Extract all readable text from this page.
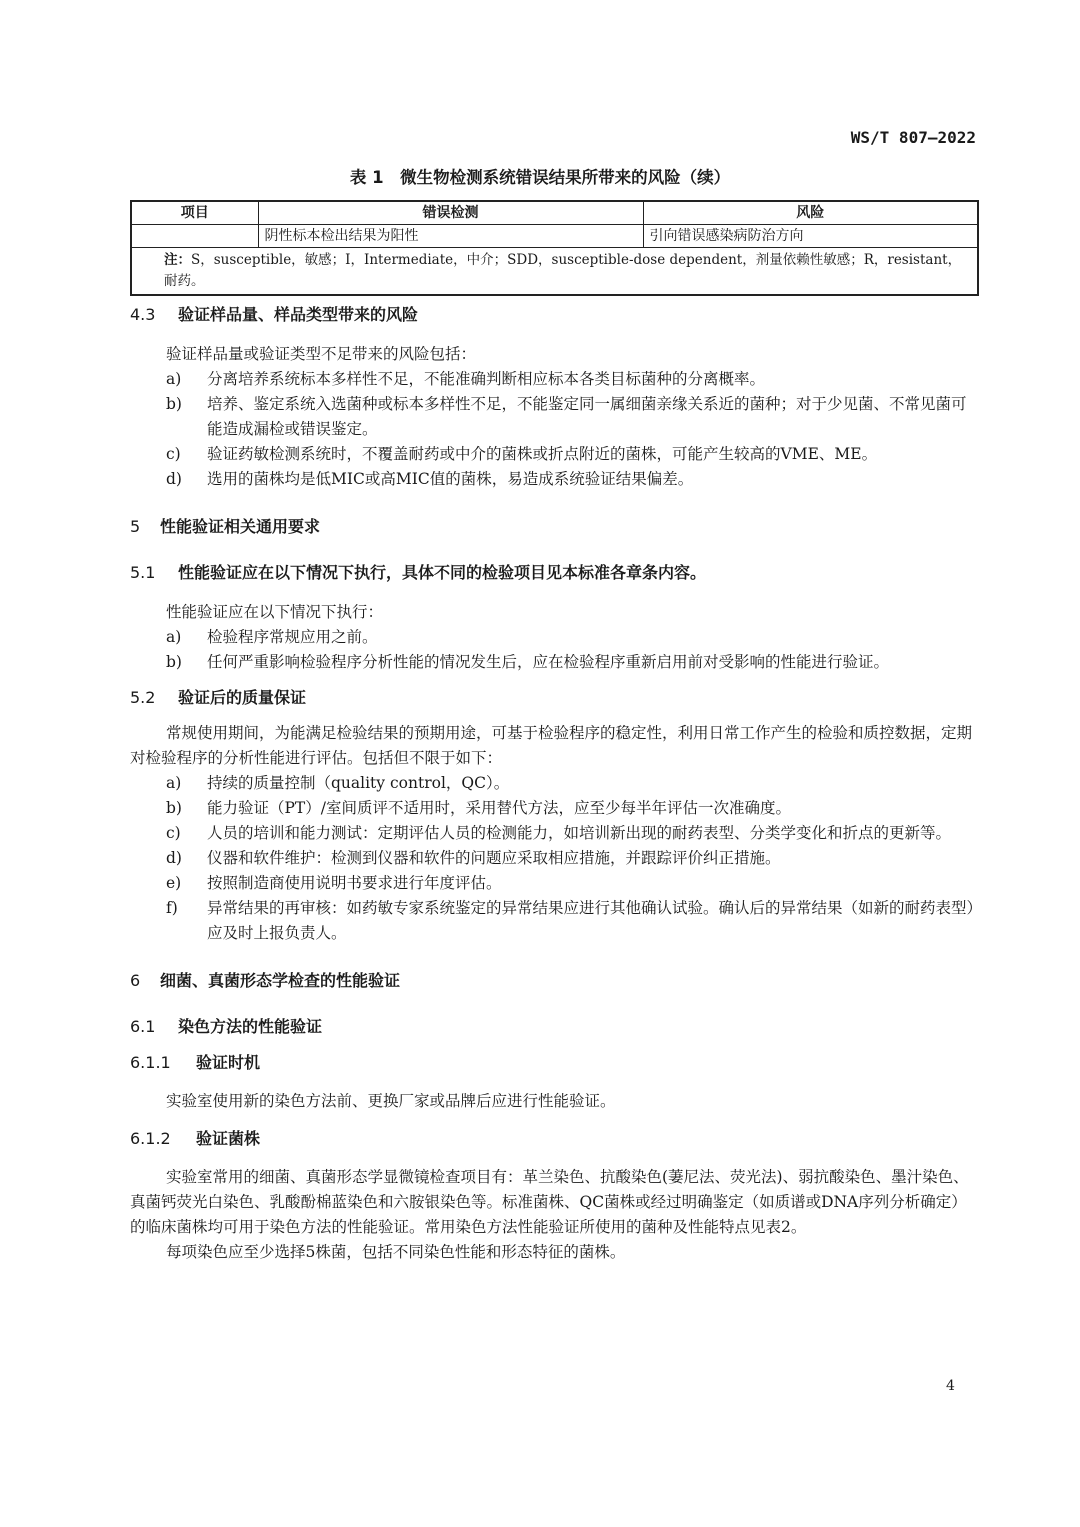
WS/T 807—2022
表 1　微生物检测系统错误结果所带来的风险（续）
项目	错误检测	风险
	阴性标本检出结果为阳性	引向错误感染病防治方向
注：S，susceptible，敏感；I，Intermediate，中介；SDD，susceptible-dose dependent，剂量依赖性敏感；R，resistant，耐药。		

4.3 验证样品量、样品类型带来的风险

验证样品量或验证类型不足带来的风险包括：

a) 分离培养系统标本多样性不足，不能准确判断相应标本各类目标菌种的分离概率。

b) 培养、鉴定系统入选菌种或标本多样性不足，不能鉴定同一属细菌亲缘关系近的菌种；对于少见菌、不常见菌可能造成漏检或错误鉴定。

c) 验证药敏检测系统时，不覆盖耐药或中介的菌株或折点附近的菌株，可能产生较高的VME、ME。

d) 选用的菌株均是低MIC或高MIC值的菌株，易造成系统验证结果偏差。

5 性能验证相关通用要求

5.1 性能验证应在以下情况下执行，具体不同的检验项目见本标准各章条内容。

性能验证应在以下情况下执行：

a) 检验程序常规应用之前。

b) 任何严重影响检验程序分析性能的情况发生后，应在检验程序重新启用前对受影响的性能进行验证。

5.2 验证后的质量保证

常规使用期间，为能满足检验结果的预期用途，可基于检验程序的稳定性，利用日常工作产生的检验和质控数据，定期对检验程序的分析性能进行评估。包括但不限于如下：

a) 持续的质量控制（quality control，QC）。

b) 能力验证（PT）/室间质评不适用时，采用替代方法，应至少每半年评估一次准确度。

c) 人员的培训和能力测试：定期评估人员的检测能力，如培训新出现的耐药表型、分类学变化和折点的更新等。

d) 仪器和软件维护：检测到仪器和软件的问题应采取相应措施，并跟踪评价纠正措施。

e) 按照制造商使用说明书要求进行年度评估。

f) 异常结果的再审核：如药敏专家系统鉴定的异常结果应进行其他确认试验。确认后的异常结果（如新的耐药表型）应及时上报负责人。

6 细菌、真菌形态学检查的性能验证

6.1 染色方法的性能验证

6.1.1 验证时机

实验室使用新的染色方法前、更换厂家或品牌后应进行性能验证。

6.1.2 验证菌株

实验室常用的细菌、真菌形态学显微镜检查项目有：革兰染色、抗酸染色(萋尼法、荧光法)、弱抗酸染色、墨汁染色、真菌钙荧光白染色、乳酸酚棉蓝染色和六胺银染色等。标准菌株、QC菌株或经过明确鉴定（如质谱或DNA序列分析确定）的临床菌株均可用于染色方法的性能验证。常用染色方法性能验证所使用的菌种及性能特点见表2。

每项染色应至少选择5株菌，包括不同染色性能和形态特征的菌株。

4
